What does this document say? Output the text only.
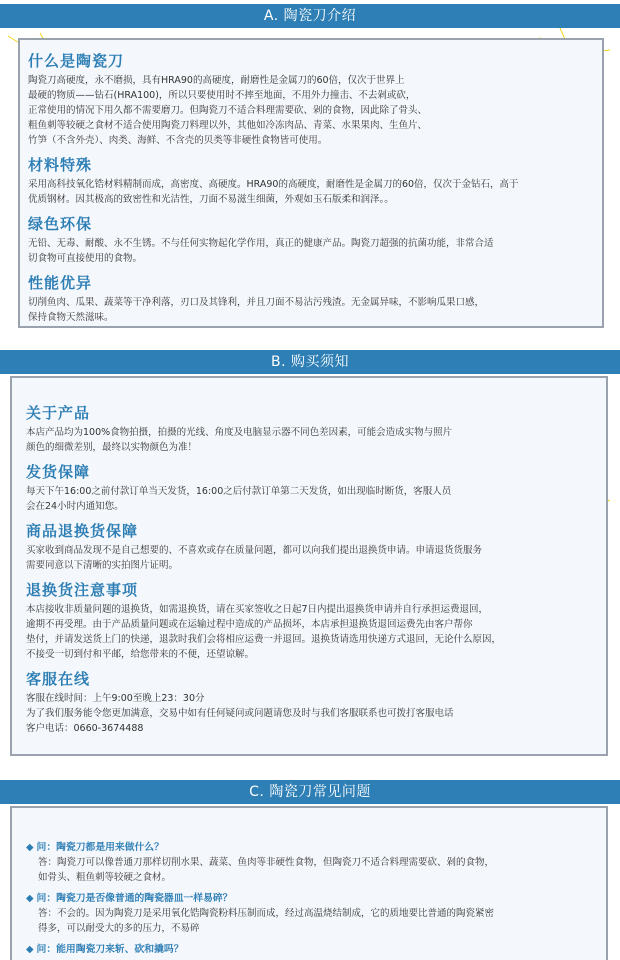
A. 陶瓷刀介绍
什么是陶瓷刀
陶瓷刀高硬度，永不磨损，具有HRA90的高硬度，耐磨性是金属刀的60倍，仅次于世界上
最硬的物质——钻石(HRA100)，所以只要使用时不摔至地面，不用外力撞击、不去剁或砍，
正常使用的情况下用久都不需要磨刀。但陶瓷刀不适合料理需要砍、剁的食物，因此除了骨头、
粗鱼刺等较硬之食材不适合使用陶瓷刀料理以外，其他如冷冻肉品、青菜、水果果肉、生鱼片、
竹笋（不含外壳）、肉类、海鲜、不含壳的贝类等非硬性食物皆可使用。
材料特殊
采用高科技氧化锆材料精制而成，高密度、高硬度。HRA90的高硬度，耐磨性是金属刀的60倍，仅次于金钻石，高于
优质钢材。因其极高的致密性和光洁性，刀面不易滋生细菌，外观如玉石版柔和润泽。。
绿色环保
无铅、无毒、耐酸、永不生锈。不与任何实物起化学作用，真正的健康产品。陶瓷刀超强的抗菌功能，非常合适
切食物可直接使用的食物。
性能优异
切削鱼肉、瓜果、蔬菜等干净利落，刃口及其锋利，并且刀面不易沾污残渣。无金属异味，不影响瓜果口感，
保持食物天然滋味。
B. 购买须知
关于产品
本店产品均为100%食物拍摄，拍摄的光线、角度及电脑显示器不同色差因素，可能会造成实物与照片
颜色的细微差别，最终以实物颜色为准！
发货保障
每天下午16:00之前付款订单当天发货，16:00之后付款订单第二天发货，如出现临时断货，客服人员
会在24小时内通知您。
商品退换货保障
买家收到商品发现不是自己想要的、不喜欢或存在质量问题，都可以向我们提出退换货申请。申请退货货服务
需要同意以下清晰的实拍图片证明。
退换货注意事项
本店接收非质量问题的退换货，如需退换货，请在买家签收之日起7日内提出退换货申请并自行承担运费退回，
逾期不再受理。由于产品质量问题或在运输过程中造成的产品损坏，本店承担退换货退回运费先由客户帮你
垫付，并请发送货上门的快递，退款时我们会将相应运费一并退回。退换货请选用快递方式退回，无论什么原因，
不接受一切到付和平邮，给您带来的不便，还望谅解。
客服在线
客服在线时间：上午9:00至晚上23：30分
为了我们服务能令您更加满意，交易中如有任何疑问或问题请您及时与我们客服联系也可拨打客服电话
客户电话：0660-3674488
C. 陶瓷刀常见问题
◆ 问：陶瓷刀都是用来做什么？
答：陶瓷刀可以像普通刀那样切削水果、蔬菜、鱼肉等非硬性食物，但陶瓷刀不适合料理需要砍、剁的食物，
如骨头、粗鱼刺等较硬之食材。
◆ 问：陶瓷刀是否像普通的陶瓷器皿一样易碎？
答：不会的。因为陶瓷刀是采用氧化锆陶瓷粉料压制而成，经过高温烧结制成，它的质地要比普通的陶瓷紧密
得多，可以耐受大的多的压力，不易碎
◆ 问：能用陶瓷刀来斩、砍和撬吗？
